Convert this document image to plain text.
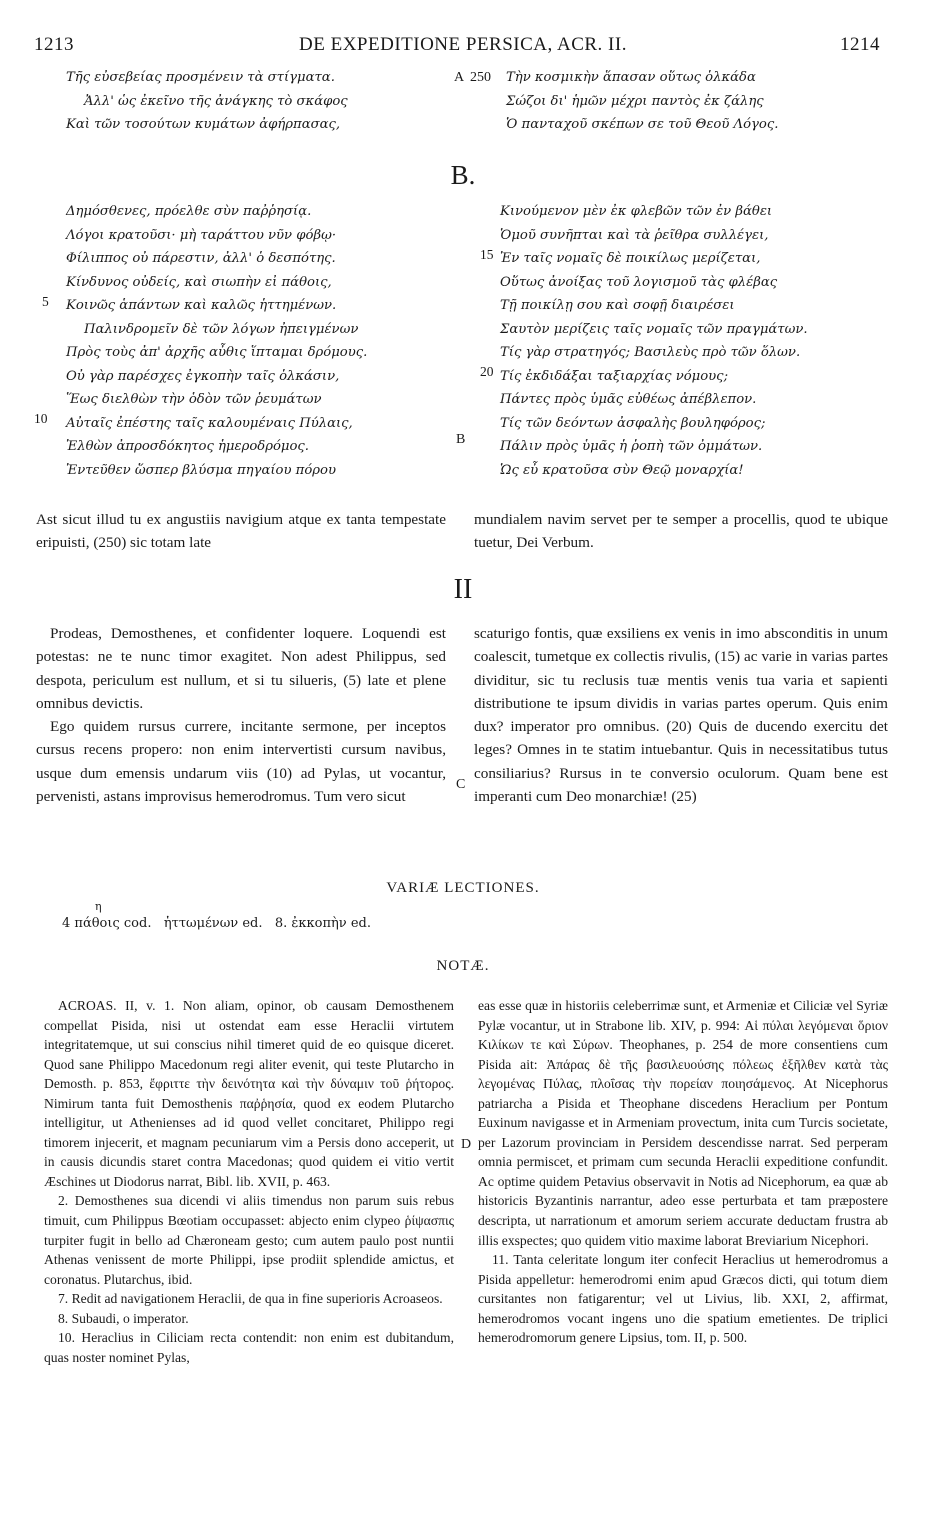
1213	DE EXPEDITIONE PERSICA, ACR. II.	1214
Τῆς εὐσεβείας προσμένειν τὰ στίγματα.
Ἀλλ' ὡς ἐκεῖνο τῆς ἀνάγκης τὸ σκάφος
Καὶ τῶν τοσούτων κυμάτων ἀφήρπασας,
A 250 Τὴν κοσμικὴν ἅπασαν οὕτως ὁλκάδα
Σώζοι δι' ἡμῶν μέχρι παντὸς ἐκ ζάλης
Ὁ πανταχοῦ σκέπων σε τοῦ Θεοῦ Λόγος.
B.
Δημόσθενες, πρόελθε σὺν παῤῥησίᾳ.
Λόγοι κρατοῦσι· μὴ ταράττου νῦν φόβῳ·
Φίλιππος οὐ πάρεστιν, ἀλλ' ὁ δεσπότης.
Κίνδυνος οὐδείς, καὶ σιωπὴν εἰ πάθοις,
Κοινῶς ἁπάντων καὶ καλῶς ἡττημένων.
Παλινδρομεῖν δὲ τῶν λόγων ἠπειγμένων
Πρὸς τοὺς ἀπ' ἀρχῆς αὖθις ἵπταμαι δρόμους.
Οὐ γὰρ παρέσχες ἐγκοπὴν ταῖς ὁλκάσιν,
Ἕως διελθὼν τὴν ὁδὸν τῶν ῥευμάτων
Αὐταῖς ἐπέστης ταῖς καλουμέναις Πύλαις,
Ἐλθὼν ἀπροσδόκητος ἡμεροδρόμος.
Ἐντεῦθεν ὥσπερ βλύσμα πηγαίου πόρου
5
10
B
Κινούμενον μὲν ἐκ φλεβῶν τῶν ἐν βάθει
Ὁμοῦ συνῆπται καὶ τὰ ῥεῖθρα συλλέγει,
Ἐν ταῖς νομαῖς δὲ ποικίλως μερίζεται,
Οὕτως ἀνοίξας τοῦ λογισμοῦ τὰς φλέβας
Τῇ ποικίλῃ σου καὶ σοφῇ διαιρέσει
Σαυτὸν μερίζεις ταῖς νομαῖς τῶν πραγμάτων.
Τίς γὰρ στρατηγός; Βασιλεὺς πρὸ τῶν ὅλων.
Τίς ἐκδιδάξαι ταξιαρχίας νόμους;
Πάντες πρὸς ὑμᾶς εὐθέως ἀπέβλεπον.
Τίς τῶν δεόντων ἀσφαλὴς βουληφόρος;
Πάλιν πρὸς ὑμᾶς ἡ ῥοπὴ τῶν ὀμμάτων.
Ὡς εὖ κρατοῦσα σὺν Θεῷ μοναρχία!
15
20
Ast sicut illud tu ex angustiis navigium atque ex tanta tempestate eripuisti, (250) sic totam late
mundialem navim servet per te semper a procellis, quod te ubique tuetur, Dei Verbum.
II

Prodeas, Demosthenes, et confidenter loquere. Loquendi est potestas: ne te nunc timor exagitet. Non adest Philippus, sed despota, periculum est nullum, et si tu silueris, (5) late et plene omnibus devictis.

Ego quidem rursus currere, incitante sermone, per inceptos cursus recens propero: non enim intervertisti cursum navibus, usque dum emensis undarum viis (10) ad Pylas, ut vocantur, pervenisti, astans improvisus hemerodromus. Tum vero sicut

C
scaturigo fontis, quæ exsiliens ex venis in imo absconditis in unum coalescit, tumetque ex collectis rivulis, (15) ac varie in varias partes dividitur, sic tu reclusis tuæ mentis venis tua varia et sapienti distributione te ipsum dividis in varias partes operum. Quis enim dux? imperator pro omnibus. (20) Quis de ducendo exercitu det leges? Omnes in te statim intuebantur. Quis in necessitatibus tutus consiliarius? Rursus in te conversio oculorum. Quam bene est imperanti cum Deo monarchiæ! (25)
VARIÆ LECTIONES.
η
4 πάθοις cod.   ἡττωμένων ed.   8. ἐκκοπὴν ed.
NOTÆ.

ACROAS. II, v. 1. Non aliam, opinor, ob causam Demosthenem compellat Pisida, nisi ut ostendat eam esse Heraclii virtutem integritatemque, ut sui conscius nihil timeret quid de eo quisque diceret. Quod sane Philippo Macedonum regi aliter evenit, qui teste Plutarcho in Demosth. p. 853, ἔφριττε τὴν δεινότητα καὶ τὴν δύναμιν τοῦ ῥήτορος. Nimirum tanta fuit Demosthenis παῤῥησία, quod ex eodem Plutarcho intelligitur, ut Athenienses ad id quod vellet concitaret, Philippo regi timorem injecerit, et magnam pecuniarum vim a Persis dono acceperit, ut in causis dicundis staret contra Macedonas; quod quidem ei vitio vertit Æschines ut Diodorus narrat, Bibl. lib. XVII, p. 463.

2. Demosthenes sua dicendi vi aliis timendus non parum suis rebus timuit, cum Philippus Bœotiam occupasset: abjecto enim clypeo ῥίψασπις turpiter fugit in bello ad Chæroneam gesto; cum autem paulo post nuntii Athenas venissent de morte Philippi, ipse prodiit splendide amictus, et coronatus. Plutarchus, ibid.

7. Redit ad navigationem Heraclii, de qua in fine superioris Acroaseos.

8. Subaudi, o imperator.

10. Heraclius in Ciliciam recta contendit: non enim est dubitandum, quas noster nominet Pylas,

D

eas esse quæ in historiis celeberrimæ sunt, et Armeniæ et Ciliciæ vel Syriæ Pylæ vocantur, ut in Strabone lib. XIV, p. 994: Αἱ πύλαι λεγόμεναι ὅριον Κιλίκων τε καὶ Σύρων. Theophanes, p. 254 de more consentiens cum Pisida ait: Ἀπάρας δὲ τῆς βασιλευούσης πόλεως ἐξῆλθεν κατὰ τὰς λεγομένας Πύλας, πλοΐσας τὴν πορείαν ποιησάμενος. At Nicephorus patriarcha a Pisida et Theophane discedens Heraclium per Pontum Euxinum navigasse et in Armeniam provectum, inita cum Turcis societate, per Lazorum provinciam in Persidem descendisse narrat. Sed perperam omnia permiscet, et primam cum secunda Heraclii expeditione confundit. Ac optime quidem Petavius observavit in Notis ad Nicephorum, ea quæ ab historicis Byzantinis narrantur, adeo esse perturbata et tam præpostere descripta, ut narrationum et amorum seriem accurate deductam frustra ab illis exspectes; quo quidem vitio maxime laborat Breviarium Nicephori.

11. Tanta celeritate longum iter confecit Heraclius ut hemerodromus a Pisida appelletur: hemerodromi enim apud Græcos dicti, qui totum diem cursitantes non fatigarentur; vel ut Livius, lib. XXI, 2, affirmat, hemerodromos vocant ingens uno die spatium emetientes. De triplici hemerodromorum genere Lipsius, tom. II, p. 500.
